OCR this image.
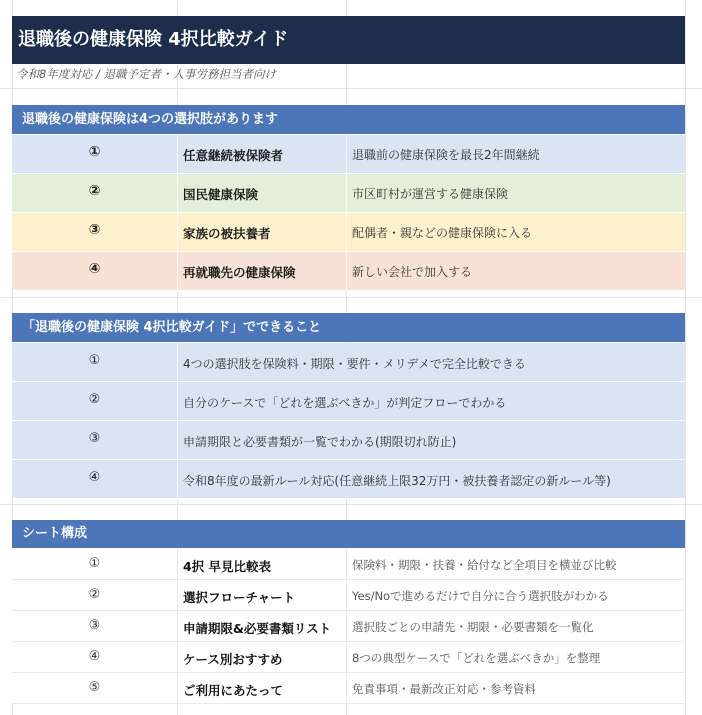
退職後の健康保険 4択比較ガイド
令和8年度対応 / 退職予定者・人事労務担当者向け
退職後の健康保険は4つの選択肢があります
①	任意継続被保険者	退職前の健康保険を最長2年間継続
②	国民健康保険	市区町村が運営する健康保険
③	家族の被扶養者	配偶者・親などの健康保険に入る
④	再就職先の健康保険	新しい会社で加入する
「退職後の健康保険 4択比較ガイド」でできること
①	4つの選択肢を保険料・期限・要件・メリデメで完全比較できる
②	自分のケースで「どれを選ぶべきか」が判定フローでわかる
③	申請期限と必要書類が一覧でわかる(期限切れ防止)
④	令和8年度の最新ルール対応(任意継続上限32万円・被扶養者認定の新ルール等)
シート構成
①	4択 早見比較表	保険料・期限・扶養・給付など全項目を横並び比較
②	選択フローチャート	Yes/Noで進めるだけで自分に合う選択肢がわかる
③	申請期限&必要書類リスト 選択肢ごとの申請先・期限・必要書類を一覧化
④	ケース別おすすめ	8つの典型ケースで「どれを選ぶべきか」を整理
⑤	ご利用にあたって	免責事項・最新改正対応・参考資料
